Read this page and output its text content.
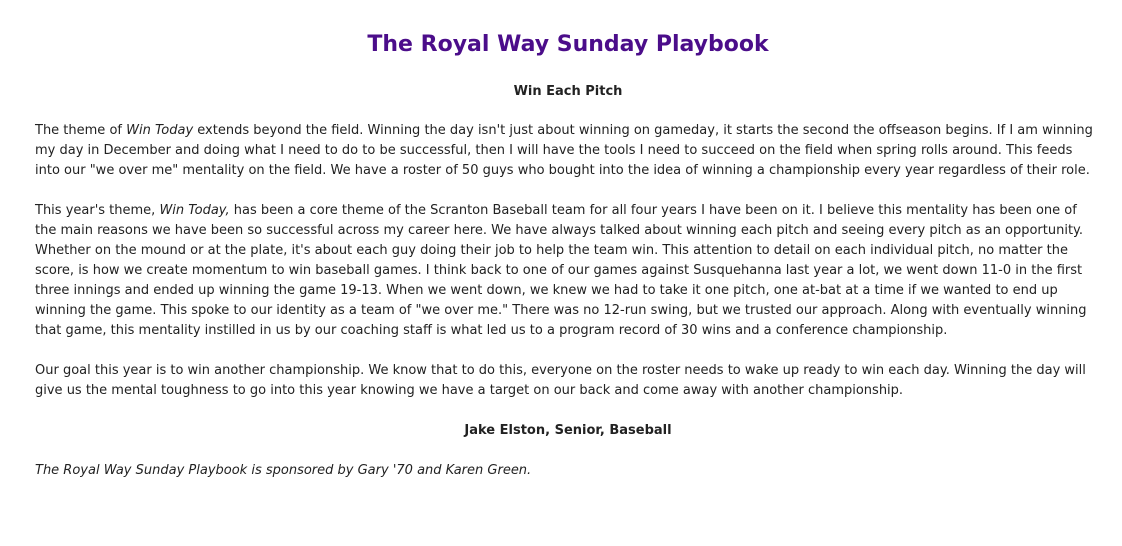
The Royal Way Sunday Playbook
Win Each Pitch

The theme of Win Today extends beyond the field. Winning the day isn't just about winning on gameday, it starts the second the offseason begins. If I am winning my day in December and doing what I need to do to be successful, then I will have the tools I need to succeed on the field when spring rolls around. This feeds into our "we over me" mentality on the field. We have a roster of 50 guys who bought into the idea of winning a championship every year regardless of their role.

This year's theme, Win Today, has been a core theme of the Scranton Baseball team for all four years I have been on it. I believe this mentality has been one of the main reasons we have been so successful across my career here. We have always talked about winning each pitch and seeing every pitch as an opportunity. Whether on the mound or at the plate, it's about each guy doing their job to help the team win. This attention to detail on each individual pitch, no matter the score, is how we create momentum to win baseball games. I think back to one of our games against Susquehanna last year a lot, we went down 11-0 in the first three innings and ended up winning the game 19-13. When we went down, we knew we had to take it one pitch, one at-bat at a time if we wanted to end up winning the game. This spoke to our identity as a team of "we over me." There was no 12-run swing, but we trusted our approach. Along with eventually winning that game, this mentality instilled in us by our coaching staff is what led us to a program record of 30 wins and a conference championship.

Our goal this year is to win another championship. We know that to do this, everyone on the roster needs to wake up ready to win each day. Winning the day will give us the mental toughness to go into this year knowing we have a target on our back and come away with another championship.

Jake Elston, Senior, Baseball

The Royal Way Sunday Playbook is sponsored by Gary '70 and Karen Green.
